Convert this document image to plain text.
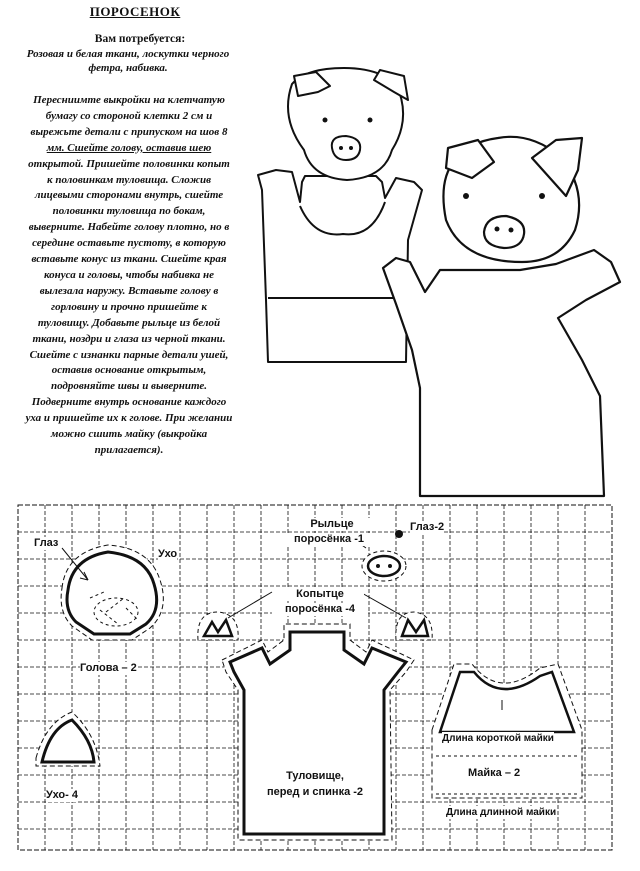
ПОРОСЕНОК
Вам потребуется:
Розовая и белая ткани, лоскутки черного
фетра, набивка.
Пересниимте выкройки на клетчатую
бумагу со стороной клетки 2 см и
вырежьте детали с припуском на шов 8
мм. Сшейте голову, оставив шею
открытой. Пришейте половинки копыт
к половинкам туловища. Сложив
лицевыми сторонами внутрь, сшейте
половинки туловища по бокам,
выверните. Набейте голову плотно, но в
середине оставьте пустоту, в которую
вставьте конус из ткани. Сшейте края
конуса и головы, чтобы набивка не
вылезала наружу. Вставьте голову в
горловину и прочно пришейте к
туловищу. Добавьте рыльце из белой
ткани, ноздри и глаза из черной ткани.
Сшейте с изнанки парные детали ушей,
оставив основание открытым,
подровняйте швы и выверните.
Подверните внутрь основание каждого
уха и пришейте их к голове. При желании
можно сшить майку (выкройка
прилагается).
Глаз
Ухо
Голова – 2
Рыльце
поросёнка -1
Глаз-2
Копытце
поросёнка -4
Ухо- 4
Туловище,
перед и спинка -2
Длина короткой майки
Майка – 2
Длина длинной майки
